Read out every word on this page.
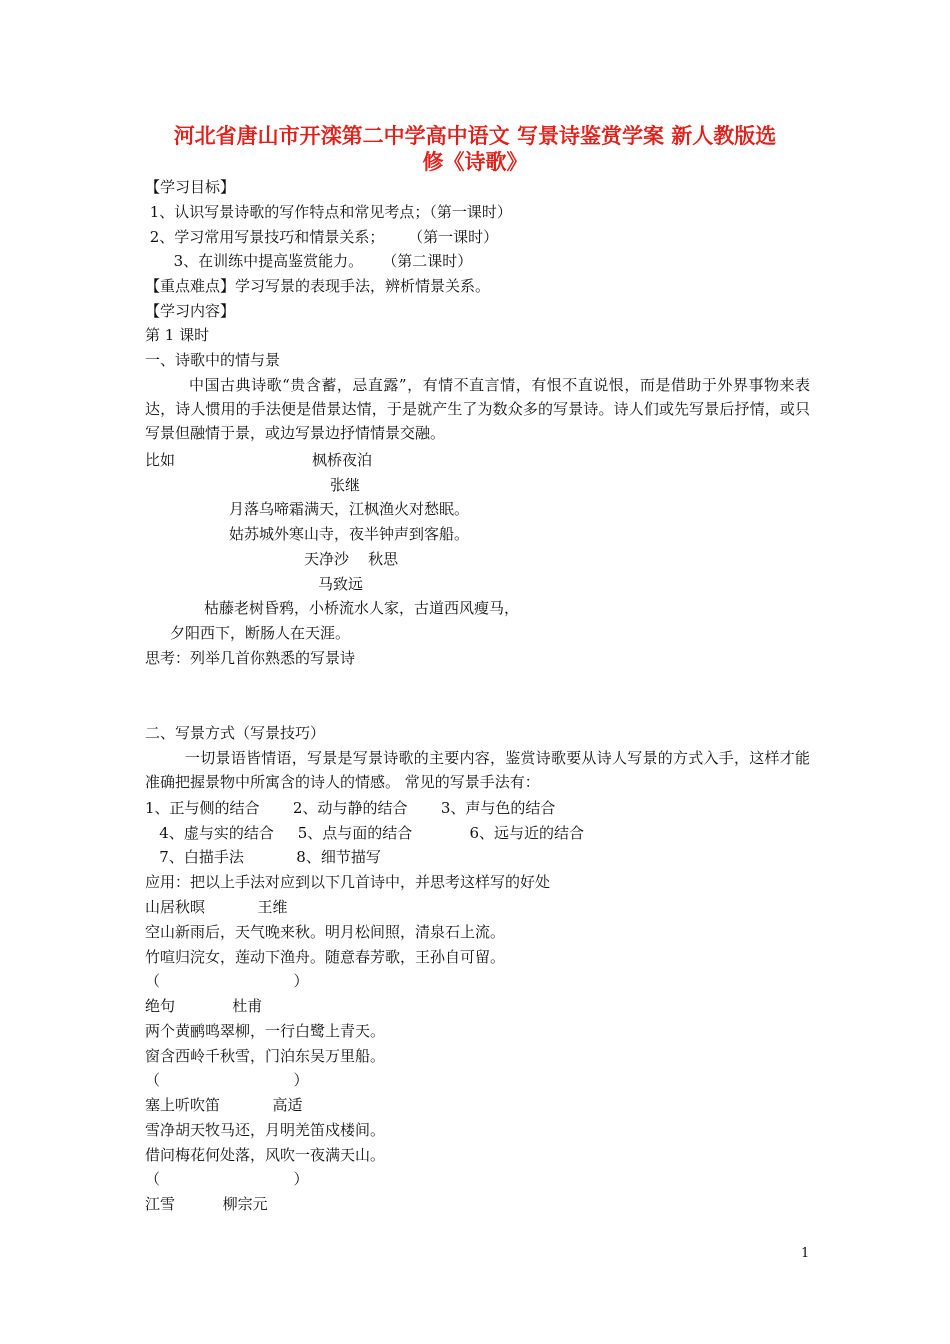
河北省唐山市开滦第二中学高中语文 写景诗鉴赏学案 新人教版选
修《诗歌》
【学习目标】
1、认识写景诗歌的写作特点和常见考点；（第一课时）
2、学习常用写景技巧和情景关系；     （第一课时）
3、在训练中提高鉴赏能力。    （第二课时）
【重点难点】学习写景的表现手法，辨析情景关系。
【学习内容】
第 1 课时
一、诗歌中的情与景
中国古典诗歌“贵含蓄，忌直露”，有情不直言情，有恨不直说恨，而是借助于外界事物来表达，诗人惯用的手法便是借景达情，于是就产生了为数众多的写景诗。诗人们或先写景后抒情，或只写景但融情于景，或边写景边抒情情景交融。
比如	枫桥夜泊
张继
月落乌啼霜满天，江枫渔火对愁眠。
姑苏城外寒山寺，夜半钟声到客船。
天净沙    秋思
马致远
枯藤老树昏鸦，小桥流水人家，古道西风瘦马，
夕阳西下，断肠人在天涯。
思考：列举几首你熟悉的写景诗
二、写景方式（写景技巧）
一切景语皆情语，写景是写景诗歌的主要内容，鉴赏诗歌要从诗人写景的方式入手，这样才能准确把握景物中所寓含的诗人的情感。 常见的写景手法有：
1、正与侧的结合       2、动与静的结合       3、声与色的结合
4、虚与实的结合     5、点与面的结合            6、远与近的结合
7、白描手法           8、细节描写
应用：把以上手法对应到以下几首诗中，并思考这样写的好处
山居秋暝           王维
空山新雨后，天气晚来秋。明月松间照，清泉石上流。
竹喧归浣女，莲动下渔舟。随意春芳歌，王孙自可留。
（                            ）
绝句            杜甫
两个黄鹂鸣翠柳，一行白鹭上青天。
窗含西岭千秋雪，门泊东吴万里船。
（                            ）
塞上听吹笛           高适
雪净胡天牧马还，月明羌笛戍楼间。
借问梅花何处落，风吹一夜满天山。
（                            ）
江雪          柳宗元
1
